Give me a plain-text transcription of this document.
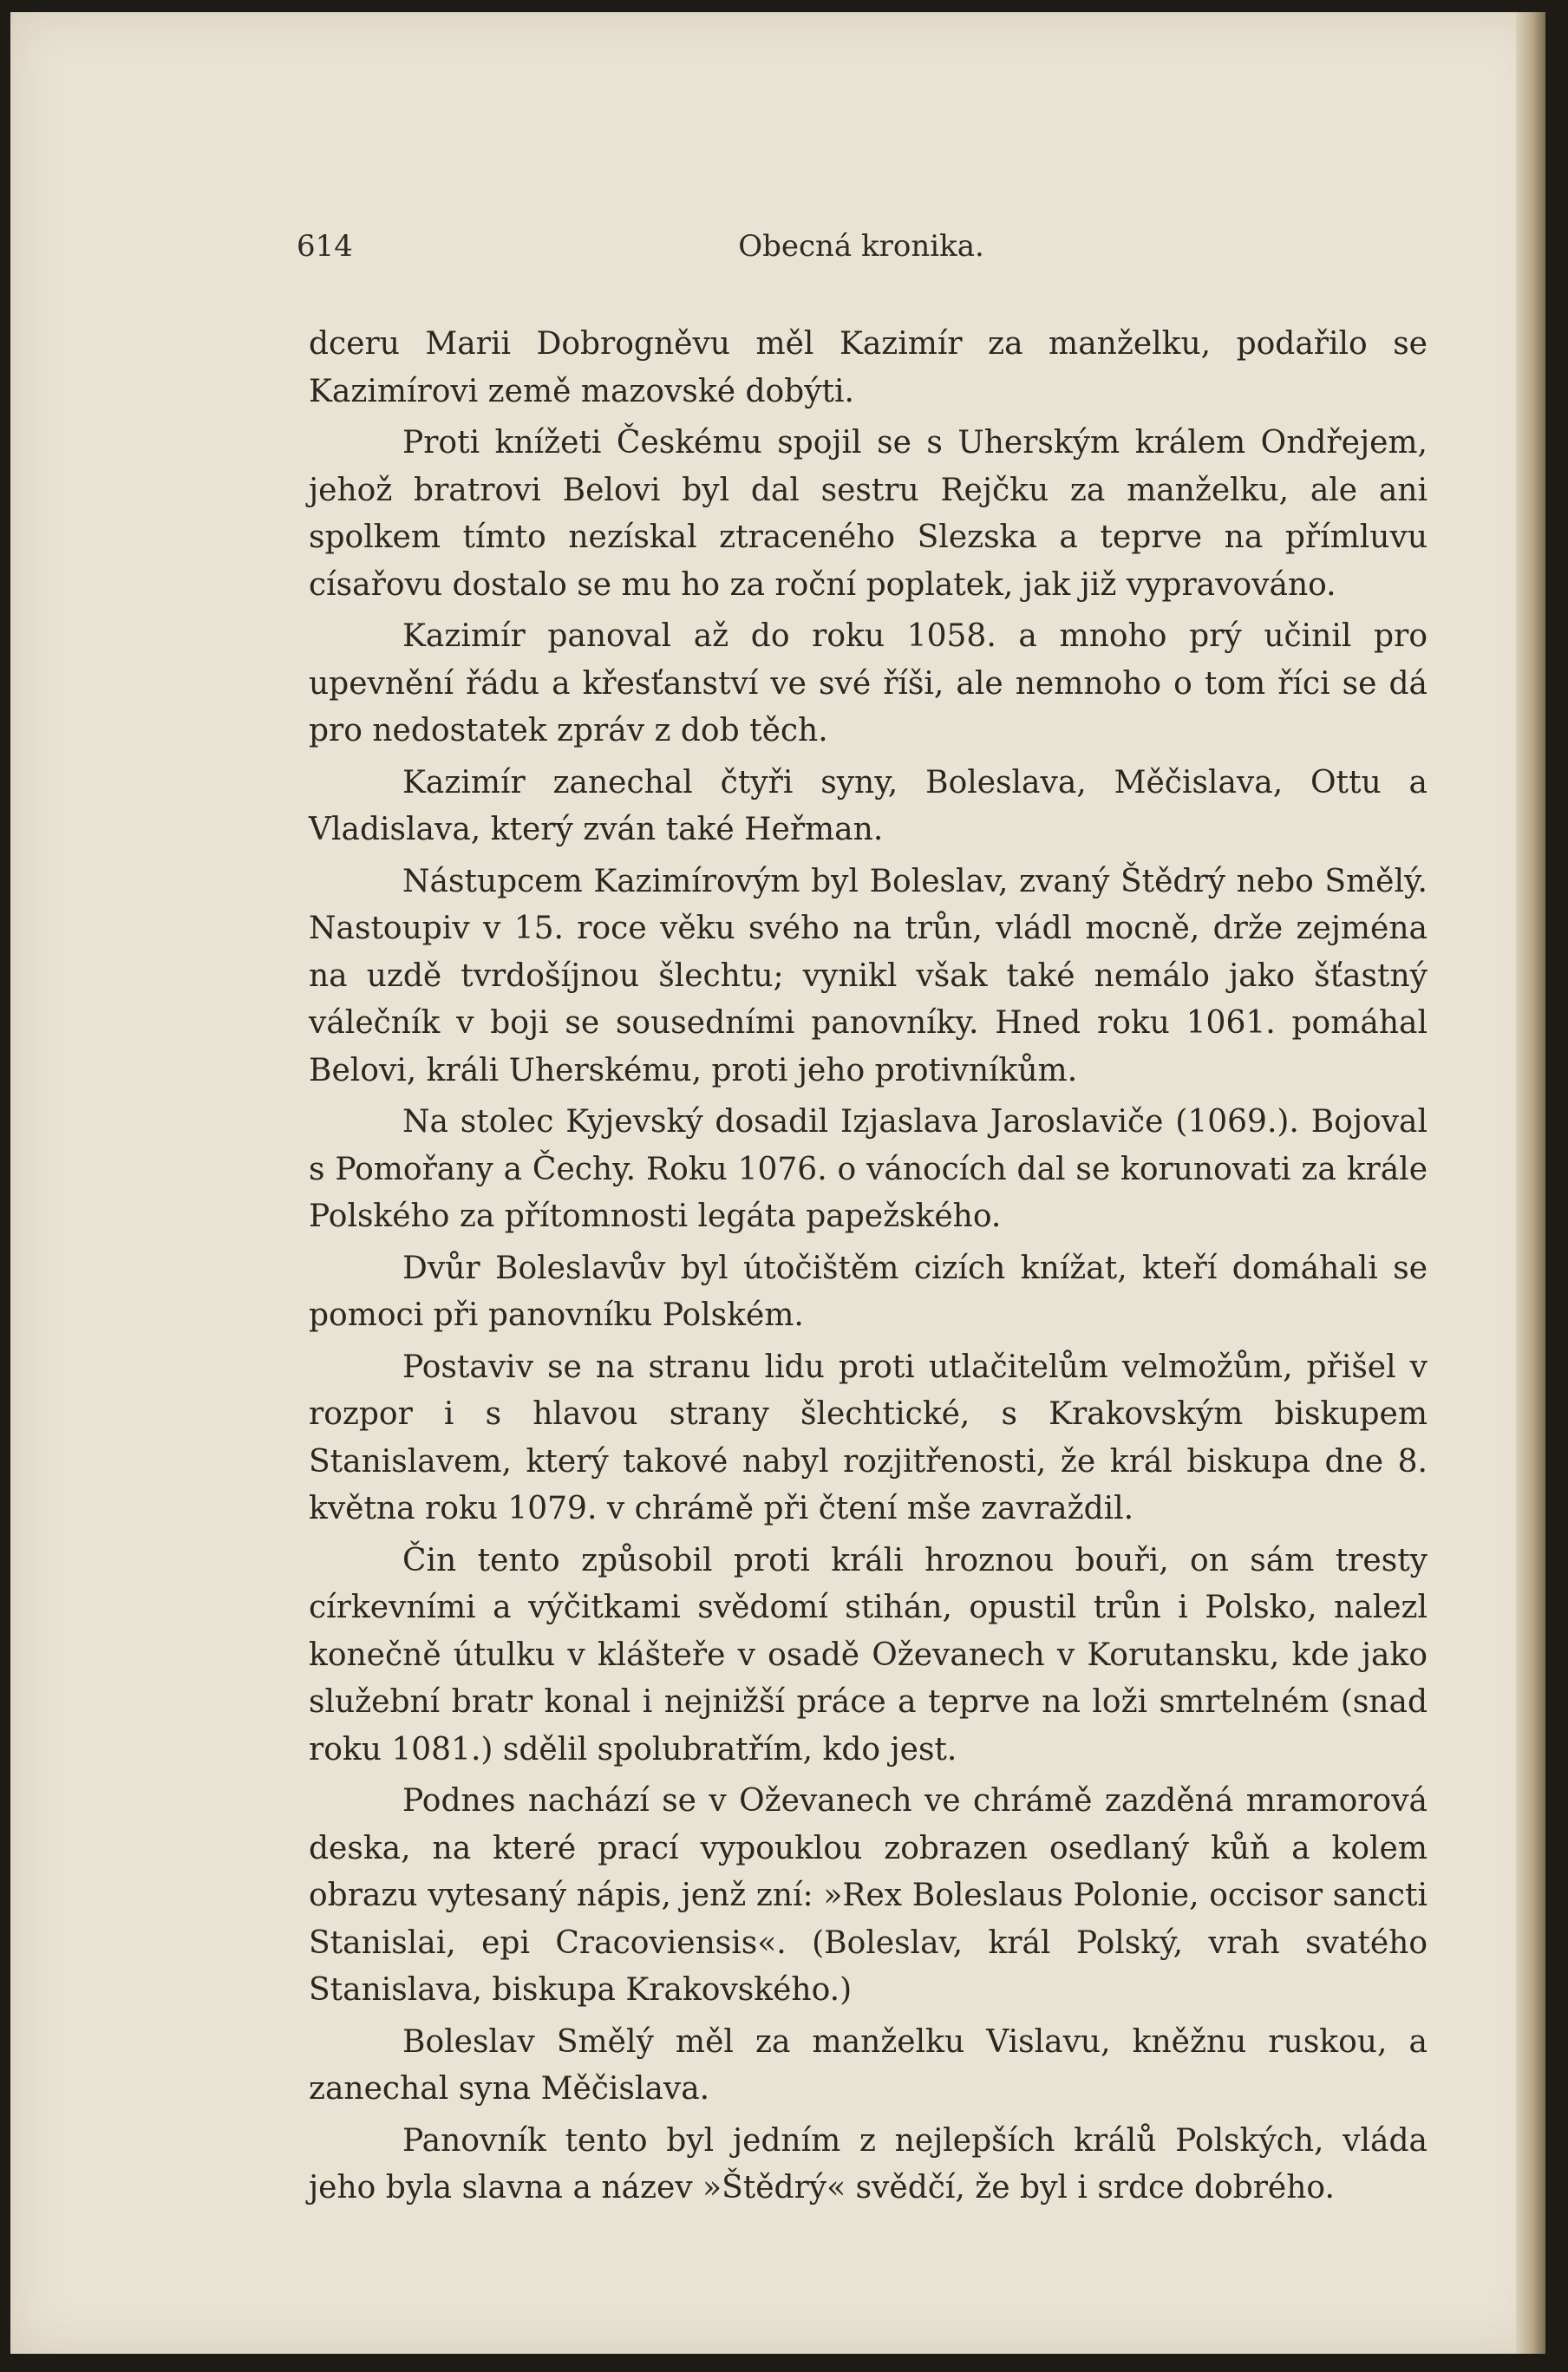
614	Obecná kronika.

dceru Marii Dobrogněvu měl Kazimír za manželku, podařilo se Kazimírovi země mazovské dobýti.

Proti knížeti Českému spojil se s Uherským králem Ondřejem, jehož bratrovi Belovi byl dal sestru Rejčku za manželku, ale ani spolkem tímto nezískal ztraceného Slezska a teprve na přímluvu císařovu dostalo se mu ho za roční poplatek, jak již vypravováno.

Kazimír panoval až do roku 1058. a mnoho prý učinil pro upevnění řádu a křesťanství ve své říši, ale nemnoho o tom říci se dá pro nedostatek zpráv z dob těch.

Kazimír zanechal čtyři syny, Boleslava, Měčislava, Ottu a Vladislava, který zván také Heřman.

Nástupcem Kazimírovým byl Boleslav, zvaný Štědrý nebo Smělý. Nastoupiv v 15. roce věku svého na trůn, vládl mocně, drže zejména na uzdě tvrdošíjnou šlechtu; vynikl však také nemálo jako šťastný válečník v boji se sousedními panovníky. Hned roku 1061. pomáhal Belovi, králi Uherskému, proti jeho protivníkům.

Na stolec Kyjevský dosadil Izjaslava Jaroslaviče (1069.). Bojoval s Pomořany a Čechy. Roku 1076. o vánocích dal se korunovati za krále Polského za přítomnosti legáta papežského.

Dvůr Boleslavův byl útočištěm cizích knížat, kteří domáhali se pomoci při panovníku Polském.

Postaviv se na stranu lidu proti utlačitelům velmožům, přišel v rozpor i s hlavou strany šlechtické, s Krakovským biskupem Stanislavem, který takové nabyl rozjitřenosti, že král biskupa dne 8. května roku 1079. v chrámě při čtení mše zavraždil.

Čin tento způsobil proti králi hroznou bouři, on sám tresty církevními a výčitkami svědomí stihán, opustil trůn i Polsko, nalezl konečně útulku v klášteře v osadě Oževanech v Korutansku, kde jako služební bratr konal i nejnižší práce a teprve na loži smrtelném (snad roku 1081.) sdělil spolubratřím, kdo jest.

Podnes nachází se v Oževanech ve chrámě zazděná mramorová deska, na které prací vypouklou zobrazen osedlaný kůň a kolem obrazu vytesaný nápis, jenž zní: »Rex Boleslaus Polonie, occisor sancti Stanislai, epi Cracoviensis«. (Boleslav, král Polský, vrah svatého Stanislava, biskupa Krakovského.)

Boleslav Smělý měl za manželku Vislavu, kněžnu ruskou, a zanechal syna Měčislava.

Panovník tento byl jedním z nejlepších králů Polských, vláda jeho byla slavna a název »Štědrý« svědčí, že byl i srdce dobrého.
